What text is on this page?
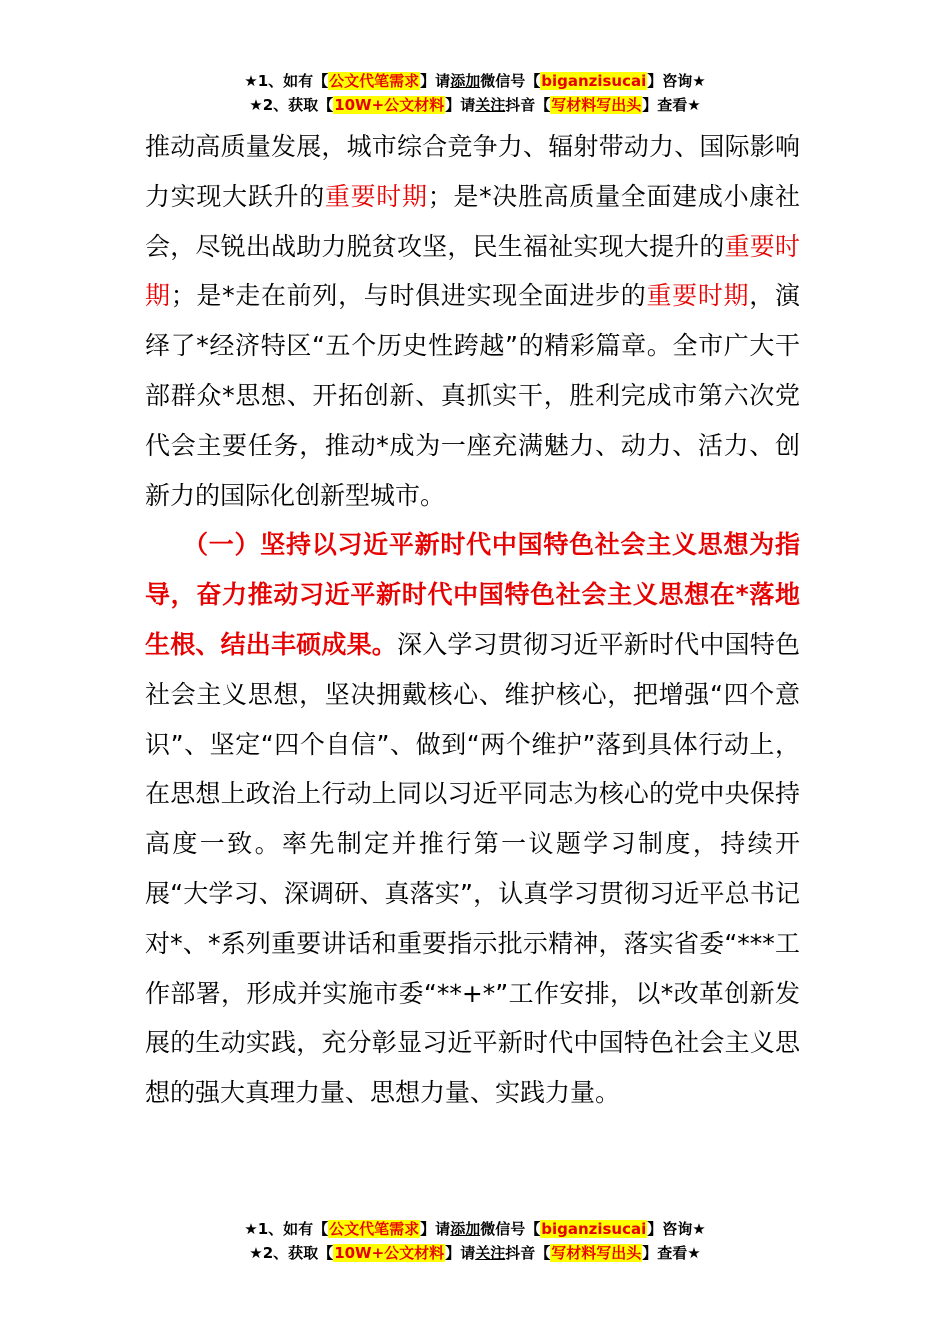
★1、如有【公文代笔需求】请添加微信号【biganzisucai】咨询★
★2、获取【10W+公文材料】请关注抖音【写材料写出头】查看★

推动高质量发展，城市综合竞争力、辐射带动力、国际影响力实现大跃升的重要时期；是*决胜高质量全面建成小康社会，尽锐出战助力脱贫攻坚，民生福祉实现大提升的重要时期；是*走在前列，与时俱进实现全面进步的重要时期，演绎了*经济特区“五个历史性跨越”的精彩篇章。全市广大干部群众*思想、开拓创新、真抓实干，胜利完成市第六次党代会主要任务，推动*成为一座充满魅力、动力、活力、创新力的国际化创新型城市。

（一）坚持以习近平新时代中国特色社会主义思想为指导，奋力推动习近平新时代中国特色社会主义思想在*落地生根、结出丰硕成果。深入学习贯彻习近平新时代中国特色社会主义思想，坚决拥戴核心、维护核心，把增强“四个意识”、坚定“四个自信”、做到“两个维护”落到具体行动上，在思想上政治上行动上同以习近平同志为核心的党中央保持高度一致。率先制定并推行第一议题学习制度，持续开展“大学习、深调研、真落实”，认真学习贯彻习近平总书记对*、*系列重要讲话和重要指示批示精神，落实省委“***工作部署，形成并实施市委“**+*”工作安排，以*改革创新发展的生动实践，充分彰显习近平新时代中国特色社会主义思想的强大真理力量、思想力量、实践力量。

★1、如有【公文代笔需求】请添加微信号【biganzisucai】咨询★
★2、获取【10W+公文材料】请关注抖音【写材料写出头】查看★
